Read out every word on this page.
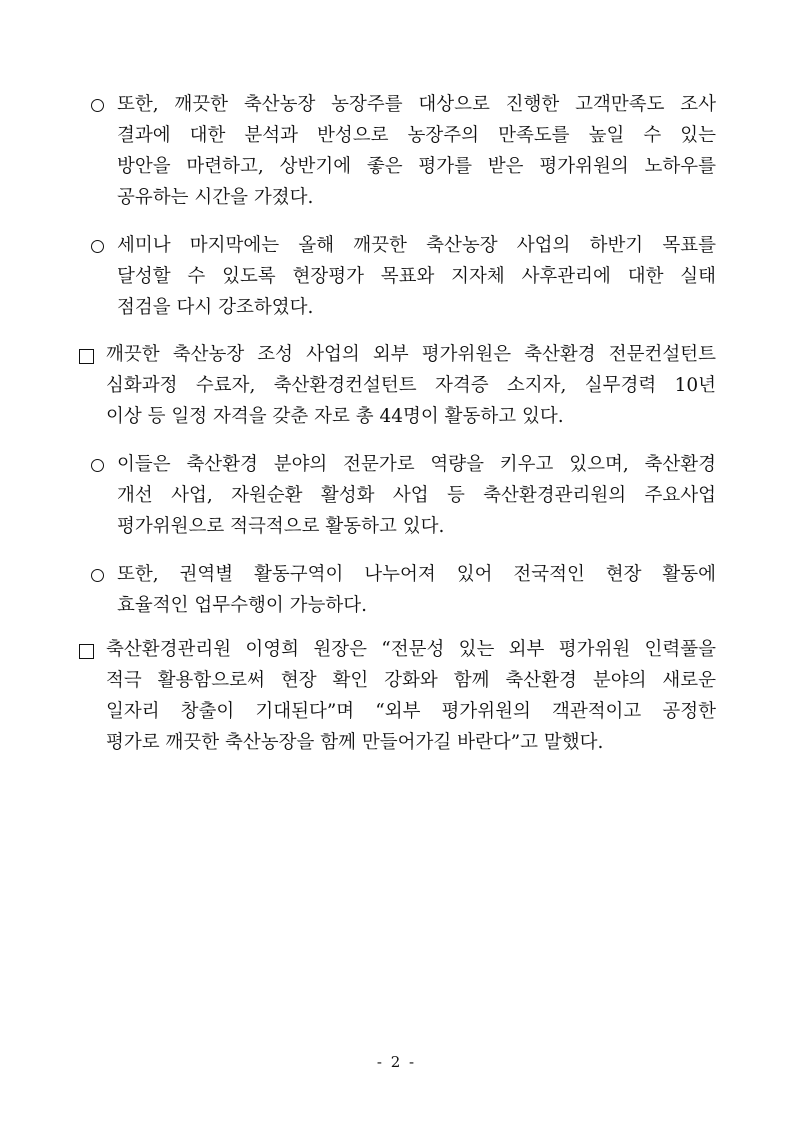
또한, 깨끗한 축산농장 농장주를 대상으로 진행한 고객만족도 조사
결과에 대한 분석과 반성으로 농장주의 만족도를 높일 수 있는
방안을 마련하고, 상반기에 좋은 평가를 받은 평가위원의 노하우를
공유하는 시간을 가졌다.
세미나 마지막에는 올해 깨끗한 축산농장 사업의 하반기 목표를
달성할 수 있도록 현장평가 목표와 지자체 사후관리에 대한 실태
점검을 다시 강조하였다.
깨끗한 축산농장 조성 사업의 외부 평가위원은 축산환경 전문컨설턴트
심화과정 수료자, 축산환경컨설턴트 자격증 소지자, 실무경력 10년
이상 등 일정 자격을 갖춘 자로 총 44명이 활동하고 있다.
이들은 축산환경 분야의 전문가로 역량을 키우고 있으며, 축산환경
개선 사업, 자원순환 활성화 사업 등 축산환경관리원의 주요사업
평가위원으로 적극적으로 활동하고 있다.
또한, 권역별 활동구역이 나누어져 있어 전국적인 현장 활동에
효율적인 업무수행이 가능하다.
축산환경관리원 이영희 원장은 “전문성 있는 외부 평가위원 인력풀을
적극 활용함으로써 현장 확인 강화와 함께 축산환경 분야의 새로운
일자리 창출이 기대된다”며 “외부 평가위원의 객관적이고 공정한
평가로 깨끗한 축산농장을 함께 만들어가길 바란다”고 말했다.
- 2 -
